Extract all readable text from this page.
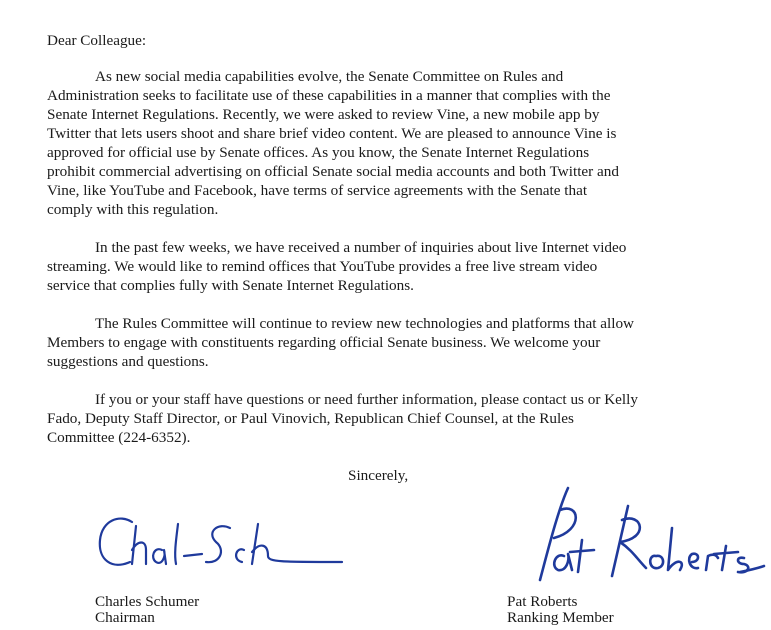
Dear Colleague:
As new social media capabilities evolve, the Senate Committee on Rules and
Administration seeks to facilitate use of these capabilities in a manner that complies with the
Senate Internet Regulations. Recently, we were asked to review Vine, a new mobile app by
Twitter that lets users shoot and share brief video content. We are pleased to announce Vine is
approved for official use by Senate offices. As you know, the Senate Internet Regulations
prohibit commercial advertising on official Senate social media accounts and both Twitter and
Vine, like YouTube and Facebook, have terms of service agreements with the Senate that
comply with this regulation.
In the past few weeks, we have received a number of inquiries about live Internet video
streaming. We would like to remind offices that YouTube provides a free live stream video
service that complies fully with Senate Internet Regulations.
The Rules Committee will continue to review new technologies and platforms that allow
Members to engage with constituents regarding official Senate business. We welcome your
suggestions and questions.
If you or your staff have questions or need further information, please contact us or Kelly
Fado, Deputy Staff Director, or Paul Vinovich, Republican Chief Counsel, at the Rules
Committee (224-6352).
Sincerely,
Charles Schumer
Chairman
Pat Roberts
Ranking Member
